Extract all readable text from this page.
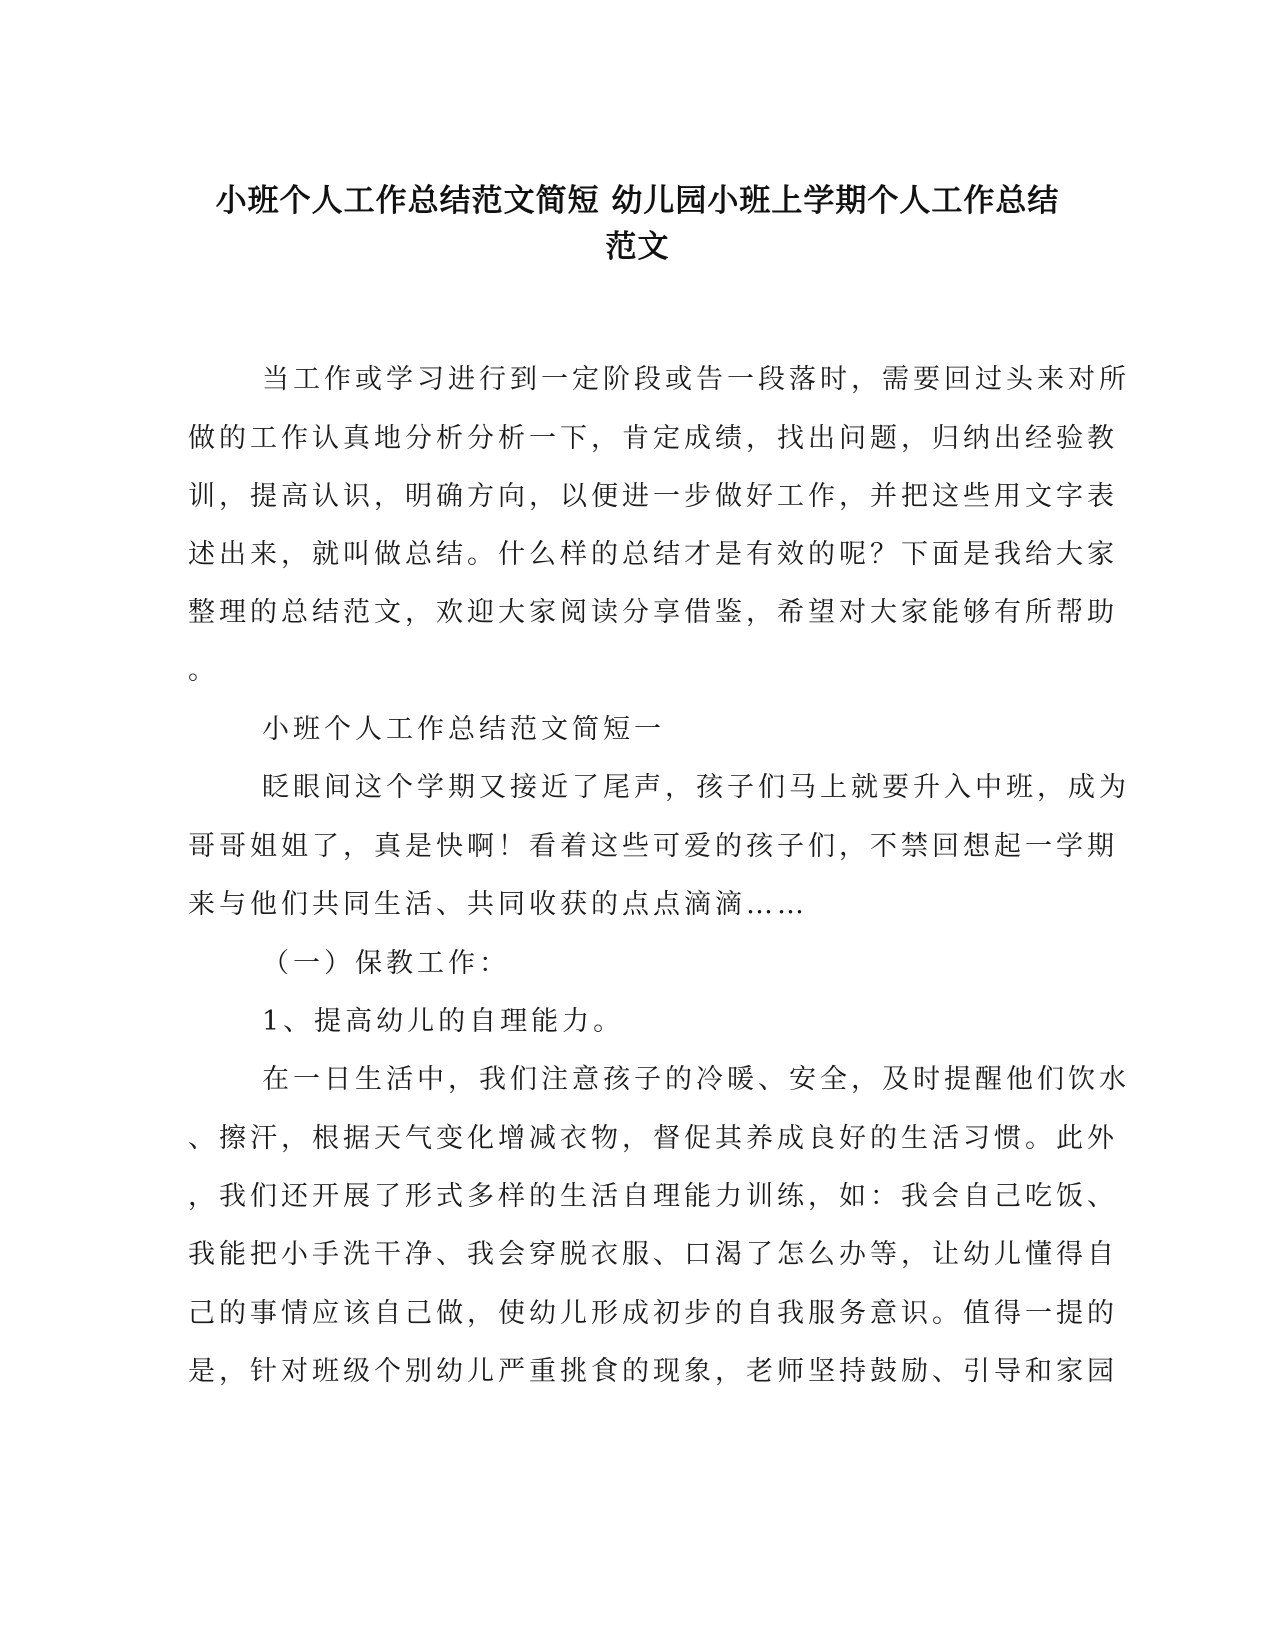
小班个人工作总结范文简短 幼儿园小班上学期个人工作总结
范文
当工作或学习进行到一定阶段或告一段落时，需要回过头来对所
做的工作认真地分析分析一下，肯定成绩，找出问题，归纳出经验教
训，提高认识，明确方向，以便进一步做好工作，并把这些用文字表
述出来，就叫做总结。什么样的总结才是有效的呢？下面是我给大家
整理的总结范文，欢迎大家阅读分享借鉴，希望对大家能够有所帮助
。
小班个人工作总结范文简短一
眨眼间这个学期又接近了尾声，孩子们马上就要升入中班，成为
哥哥姐姐了，真是快啊！看着这些可爱的孩子们，不禁回想起一学期
来与他们共同生活、共同收获的点点滴滴……
（一）保教工作：
1、提高幼儿的自理能力。
在一日生活中，我们注意孩子的冷暖、安全，及时提醒他们饮水
、擦汗，根据天气变化增减衣物，督促其养成良好的生活习惯。此外
，我们还开展了形式多样的生活自理能力训练，如：我会自己吃饭、
我能把小手洗干净、我会穿脱衣服、口渴了怎么办等，让幼儿懂得自
己的事情应该自己做，使幼儿形成初步的自我服务意识。值得一提的
是，针对班级个别幼儿严重挑食的现象，老师坚持鼓励、引导和家园
